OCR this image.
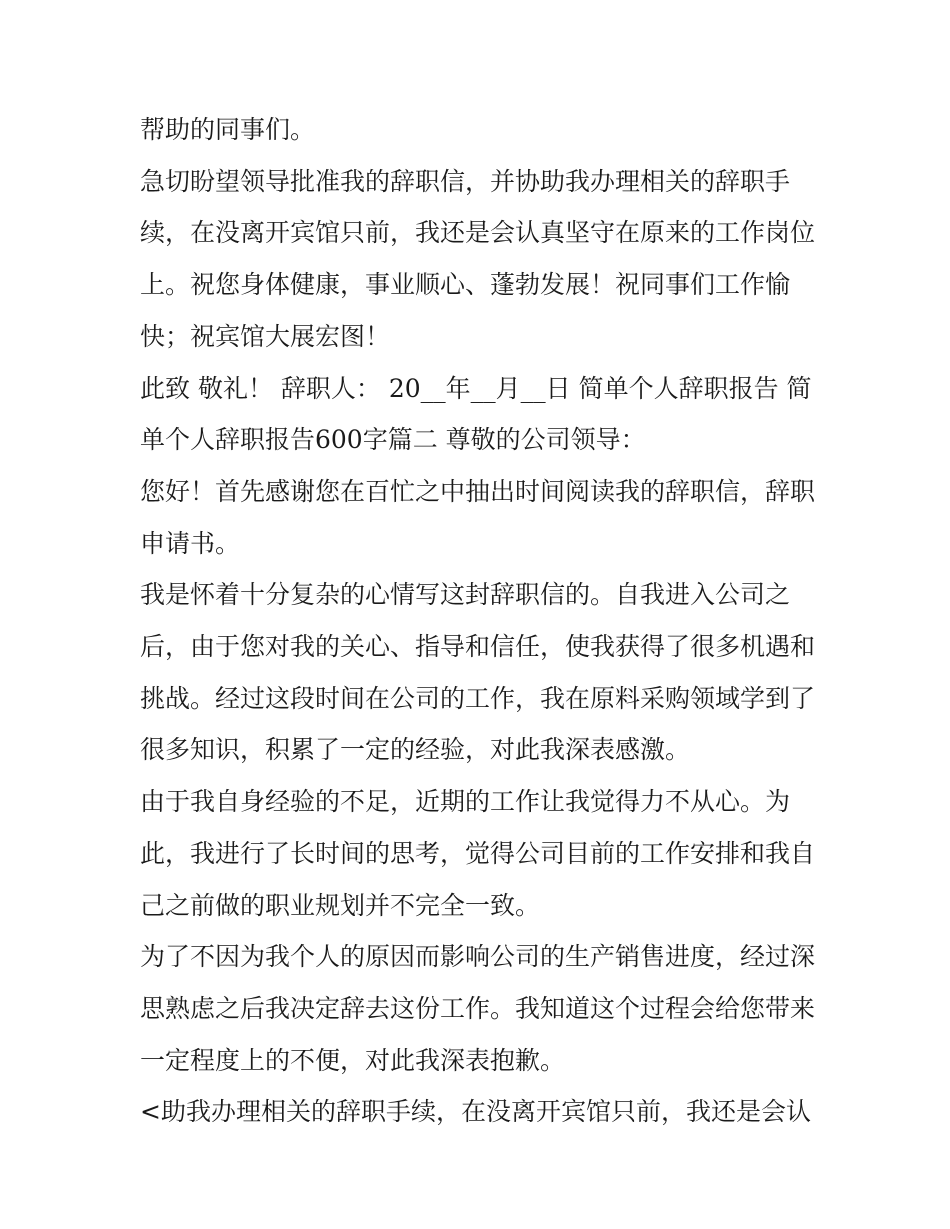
帮助的同事们。

急切盼望领导批准我的辞职信，并协助我办理相关的辞职手续，在没离开宾馆只前，我还是会认真坚守在原来的工作岗位上。祝您身体健康，事业顺心、蓬勃发展！祝同事们工作愉快；祝宾馆大展宏图！

此致 敬礼！ 辞职人： 20__年__月__日 简单个人辞职报告 简单个人辞职报告600字篇二 尊敬的公司领导：

您好！首先感谢您在百忙之中抽出时间阅读我的辞职信，辞职申请书。

我是怀着十分复杂的心情写这封辞职信的。自我进入公司之后，由于您对我的关心、指导和信任，使我获得了很多机遇和挑战。经过这段时间在公司的工作，我在原料采购领域学到了很多知识，积累了一定的经验，对此我深表感激。

由于我自身经验的不足，近期的工作让我觉得力不从心。为此，我进行了长时间的思考，觉得公司目前的工作安排和我自己之前做的职业规划并不完全一致。

为了不因为我个人的原因而影响公司的生产销售进度，经过深思熟虑之后我决定辞去这份工作。我知道这个过程会给您带来一定程度上的不便，对此我深表抱歉。

<助我办理相关的辞职手续，在没离开宾馆只前，我还是会认
